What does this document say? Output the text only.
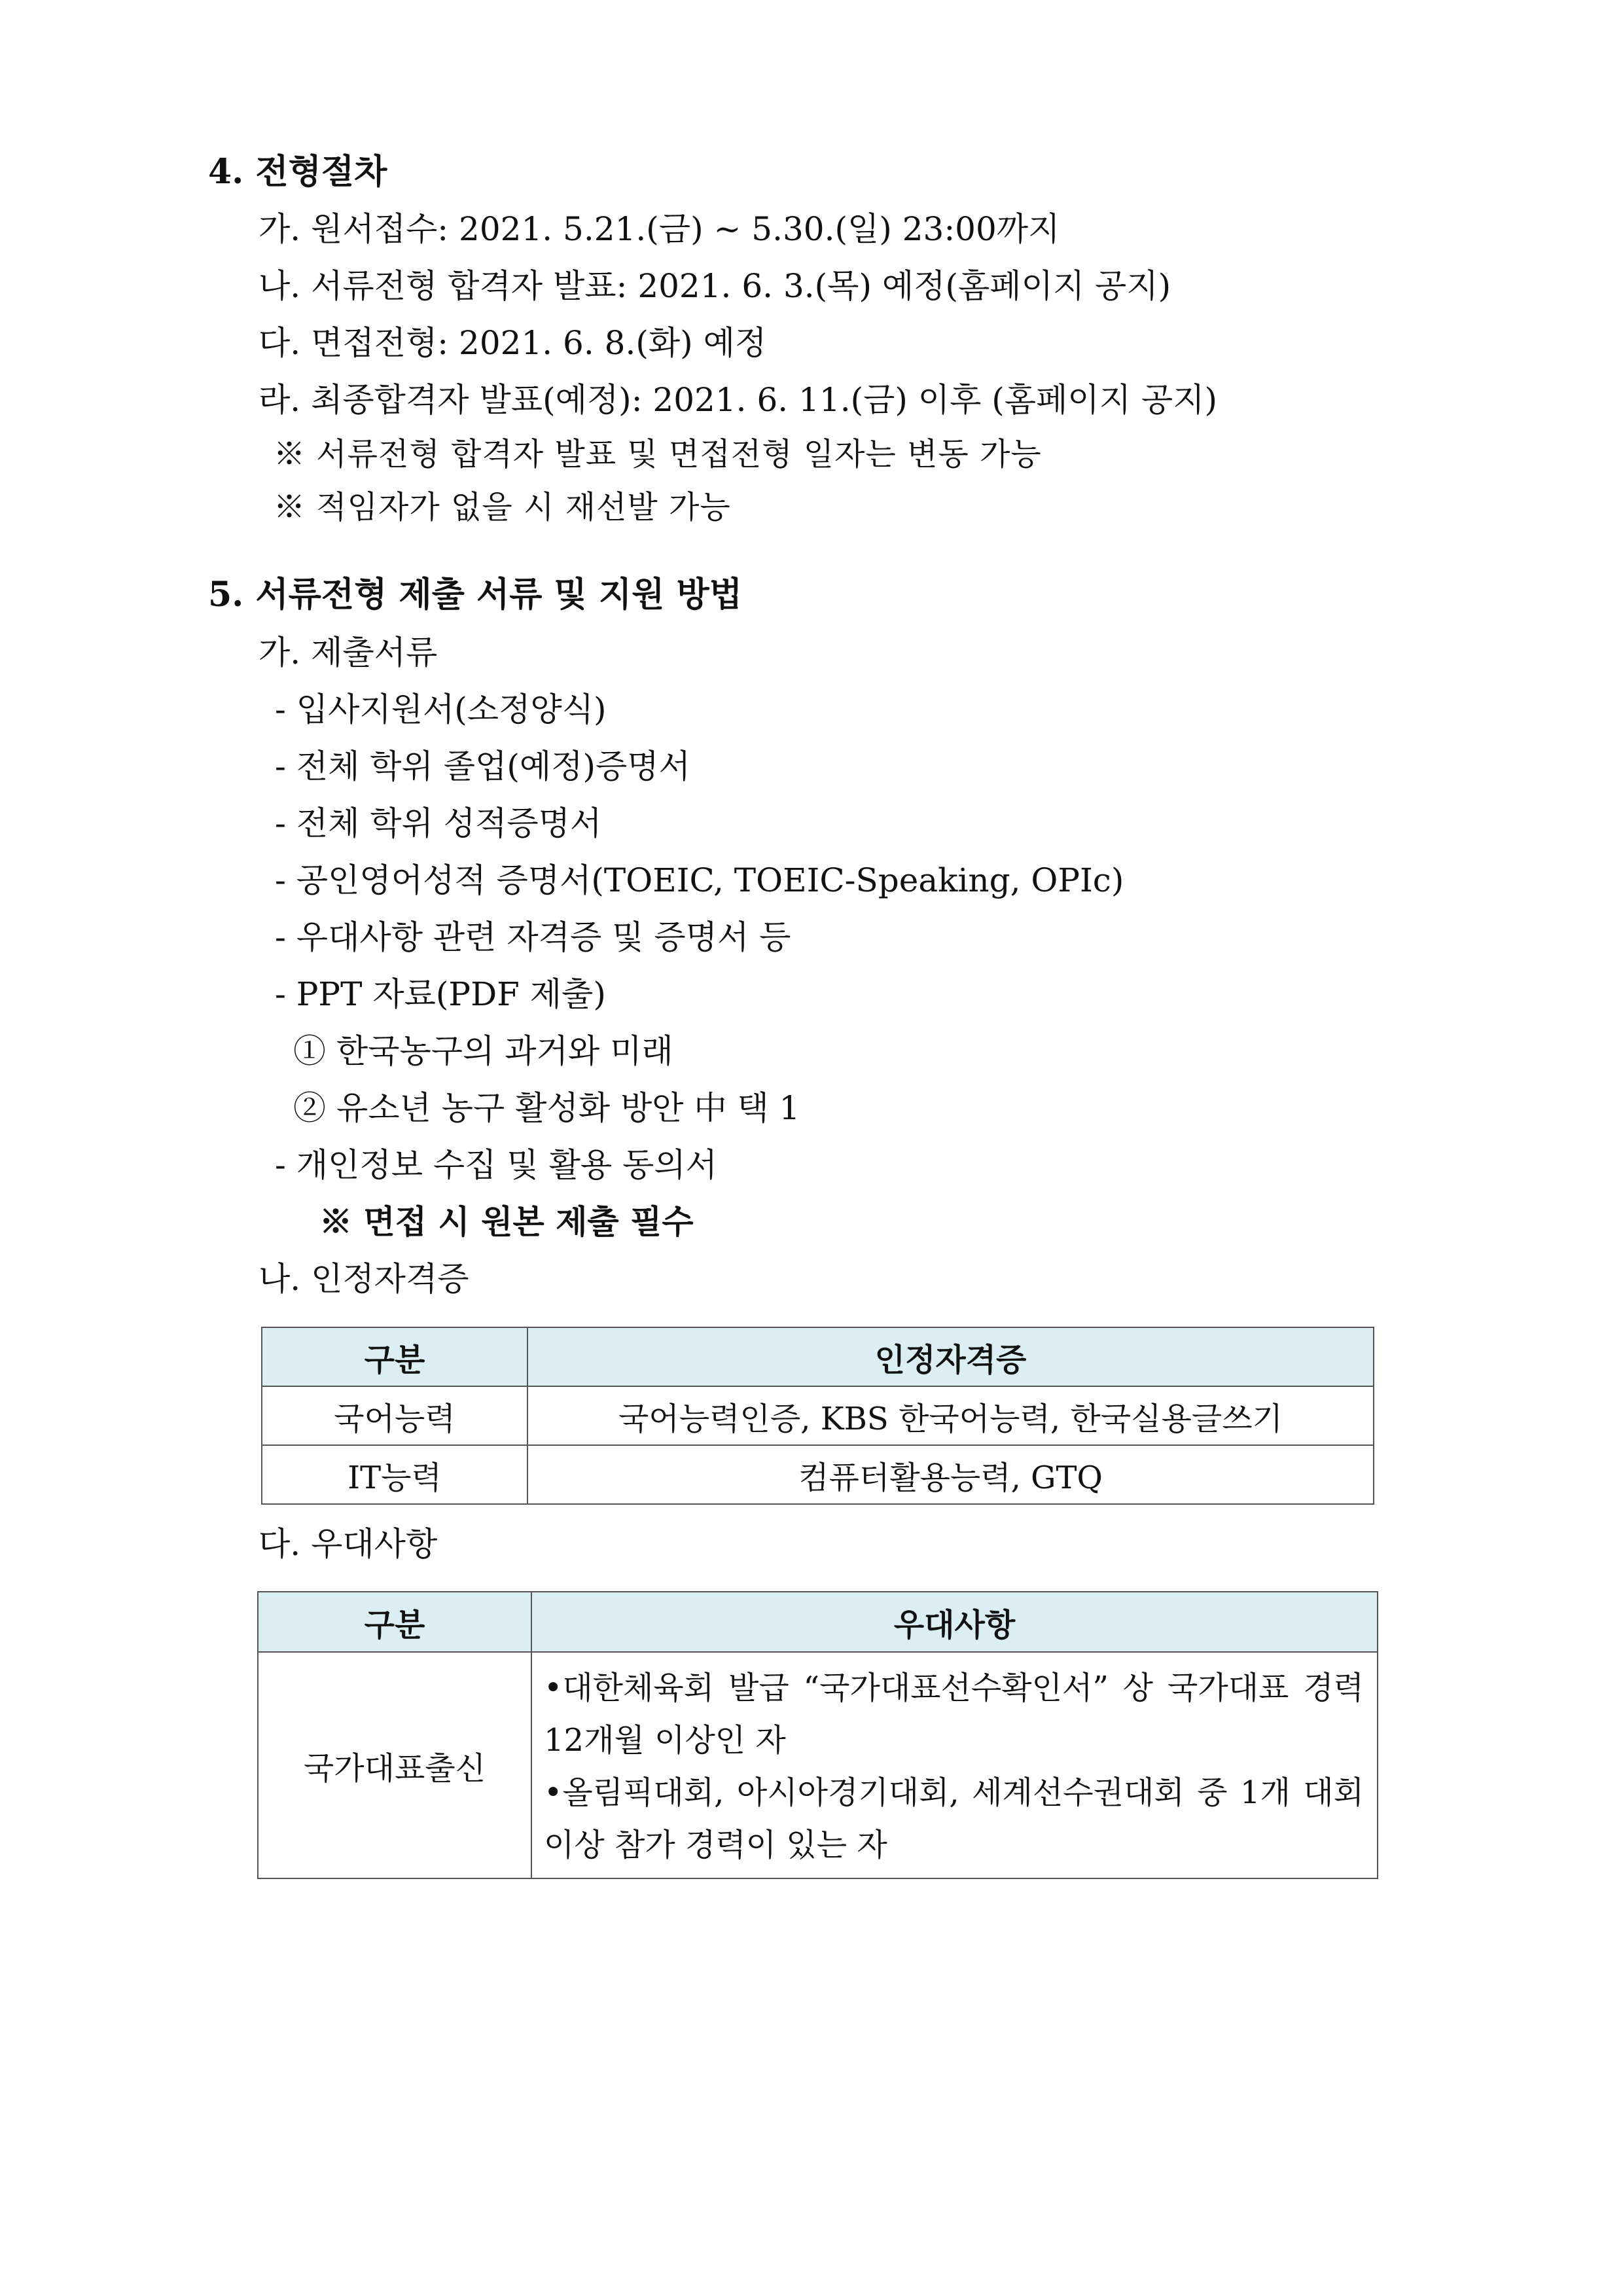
4. 전형절차
가. 원서접수: 2021. 5.21.(금) ~ 5.30.(일) 23:00까지
나. 서류전형 합격자 발표: 2021. 6. 3.(목) 예정(홈페이지 공지)
다. 면접전형: 2021. 6. 8.(화) 예정
라. 최종합격자 발표(예정): 2021. 6. 11.(금) 이후 (홈페이지 공지)
※ 서류전형 합격자 발표 및 면접전형 일자는 변동 가능
※ 적임자가 없을 시 재선발 가능
5. 서류전형 제출 서류 및 지원 방법
가. 제출서류
- 입사지원서(소정양식)
- 전체 학위 졸업(예정)증명서
- 전체 학위 성적증명서
- 공인영어성적 증명서(TOEIC, TOEIC-Speaking, OPIc)
- 우대사항 관련 자격증 및 증명서 등
- PPT 자료(PDF 제출)
① 한국농구의 과거와 미래
② 유소년 농구 활성화 방안 中 택 1
- 개인정보 수집 및 활용 동의서
※ 면접 시 원본 제출 필수
나. 인정자격증
구분	인정자격증
국어능력	국어능력인증, KBS 한국어능력, 한국실용글쓰기
IT능력	컴퓨터활용능력, GTQ
다. 우대사항
구분	우대사항
국가대표출신	•대한체육회 발급 “국가대표선수확인서” 상 국가대표 경력 12개월 이상인 자
•올림픽대회, 아시아경기대회, 세계선수권대회 중 1개 대회 이상 참가 경력이 있는 자
